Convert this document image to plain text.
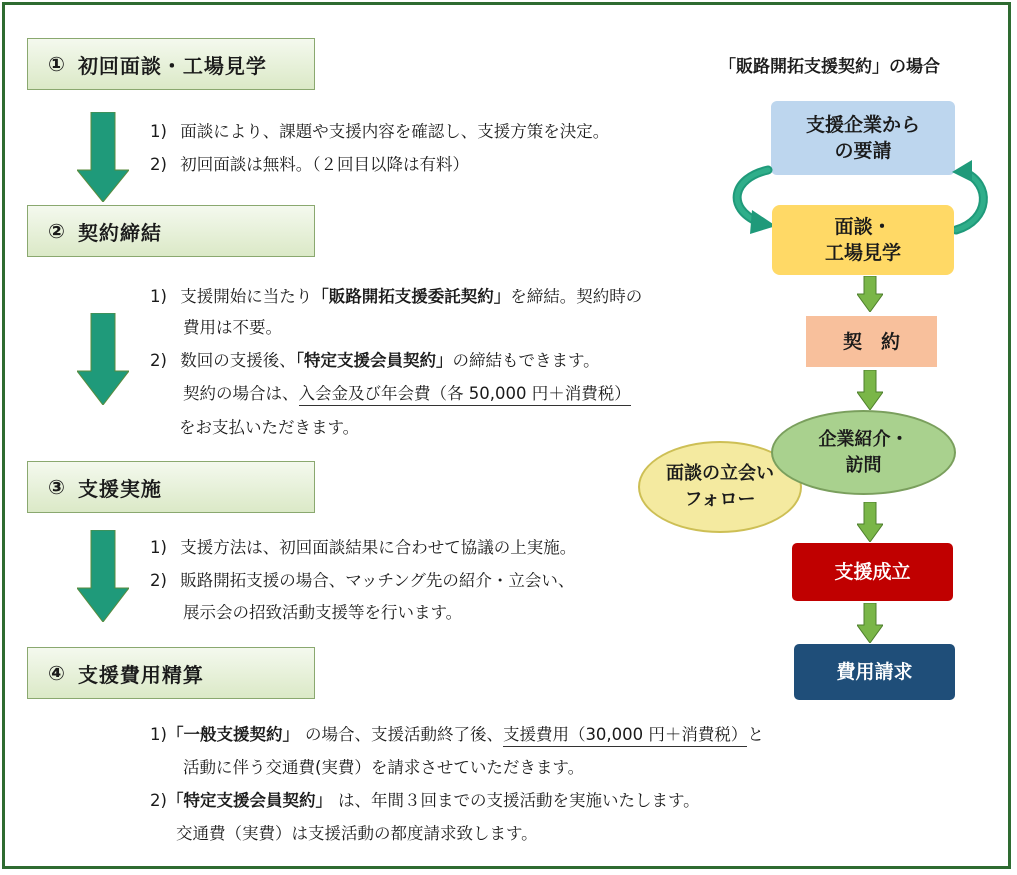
① 初回面談・工場見学
1) 面談により、課題や支援内容を確認し、支援方策を決定。
2) 初回面談は無料。（２回目以降は有料）
② 契約締結
1) 支援開始に当たり「販路開拓支援委託契約」を締結。契約時の
費用は不要。
2) 数回の支援後、「特定支援会員契約」の締結もできます。
契約の場合は、入会金及び年会費（各 50,000 円＋消費税）
をお支払いただきます。
③ 支援実施
1) 支援方法は、初回面談結果に合わせて協議の上実施。
2) 販路開拓支援の場合、マッチング先の紹介・立会い、
展示会の招致活動支援等を行います。
④ 支援費用精算
1)「一般支援契約」 の場合、支援活動終了後、支援費用（30,000 円＋消費税）と
活動に伴う交通費(実費）を請求させていただきます。
2)「特定支援会員契約」 は、年間３回までの支援活動を実施いたします。
交通費（実費）は支援活動の都度請求致します。
「販路開拓支援契約」の場合
支援企業から
の要請
面談・
工場見学
契　約
面談の立会い
フォロー
企業紹介・
訪問
支援成立
費用請求
